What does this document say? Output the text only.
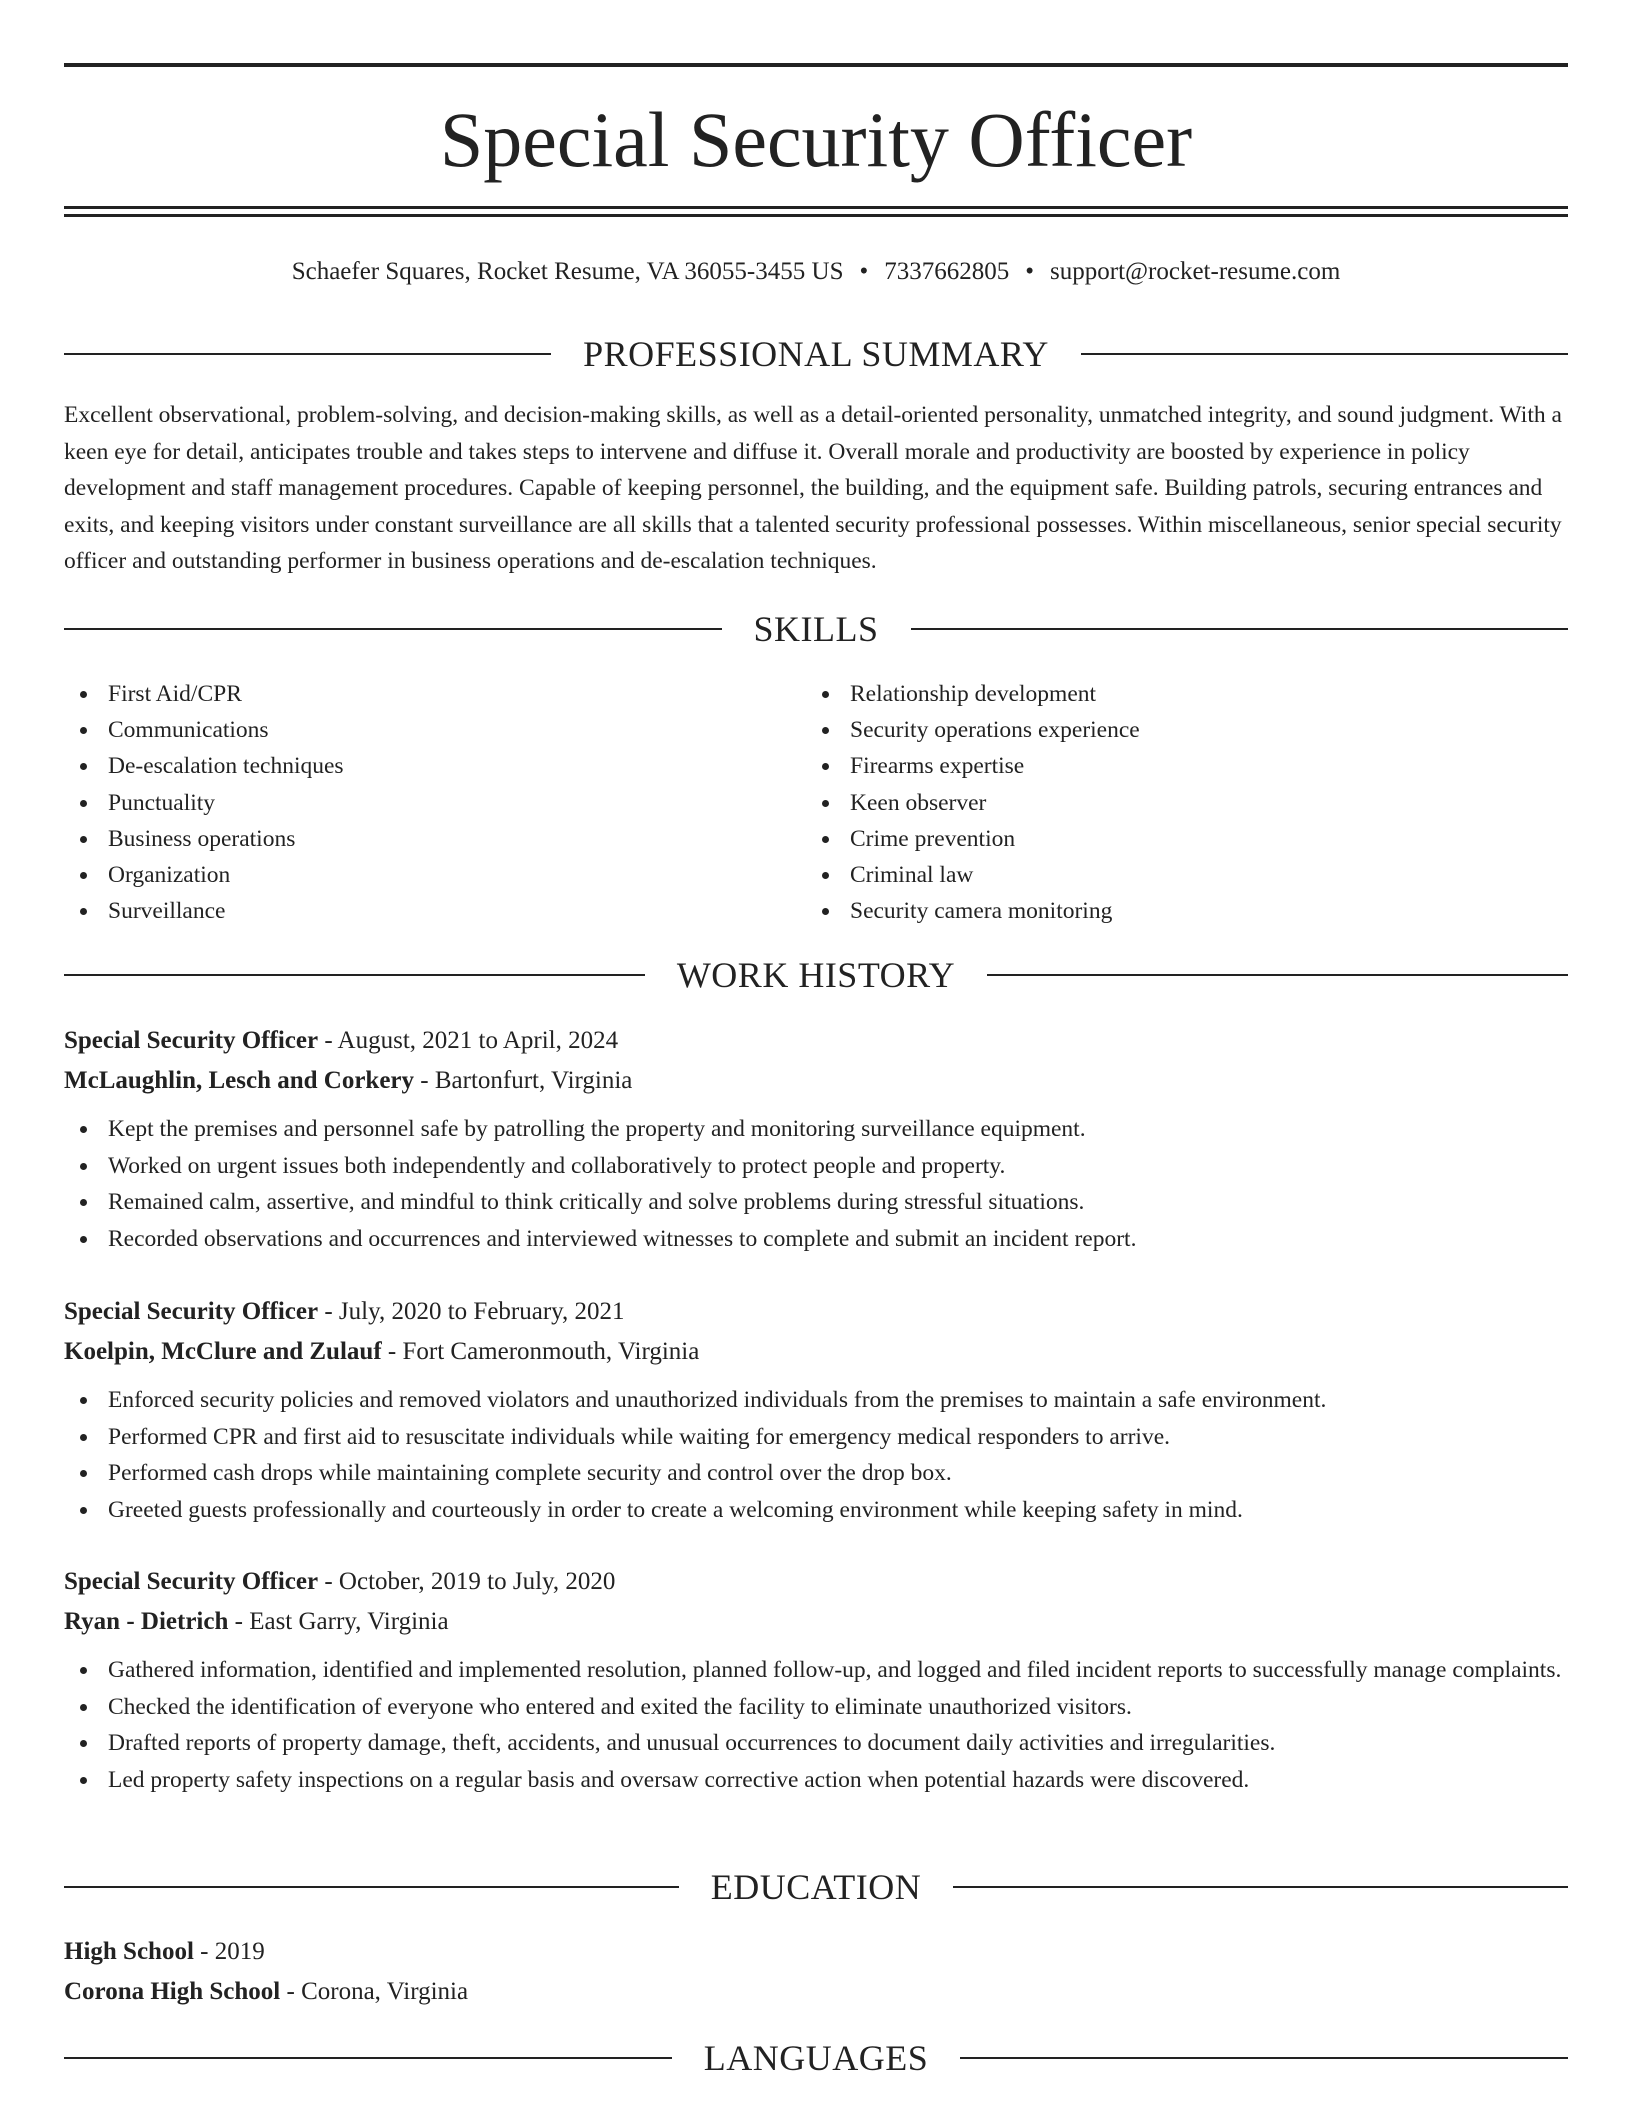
Special Security Officer
Schaefer Squares, Rocket Resume, VA 36055-3455 US • 7337662805 • support@rocket-resume.com
PROFESSIONAL SUMMARY

Excellent observational, problem-solving, and decision-making skills, as well as a detail-oriented personality, unmatched integrity, and sound judgment. With a keen eye for detail, anticipates trouble and takes steps to intervene and diffuse it. Overall morale and productivity are boosted by experience in policy development and staff management procedures. Capable of keeping personnel, the building, and the equipment safe. Building patrols, securing entrances and exits, and keeping visitors under constant surveillance are all skills that a talented security professional possesses. Within miscellaneous, senior special security officer and outstanding performer in business operations and de-escalation techniques.

SKILLS
First Aid/CPR
Communications
De-escalation techniques
Punctuality
Business operations
Organization
Surveillance
Relationship development
Security operations experience
Firearms expertise
Keen observer
Crime prevention
Criminal law
Security camera monitoring
WORK HISTORY
Special Security Officer - August, 2021 to April, 2024
McLaughlin, Lesch and Corkery - Bartonfurt, Virginia
Kept the premises and personnel safe by patrolling the property and monitoring surveillance equipment.
Worked on urgent issues both independently and collaboratively to protect people and property.
Remained calm, assertive, and mindful to think critically and solve problems during stressful situations.
Recorded observations and occurrences and interviewed witnesses to complete and submit an incident report.
Special Security Officer - July, 2020 to February, 2021
Koelpin, McClure and Zulauf - Fort Cameronmouth, Virginia
Enforced security policies and removed violators and unauthorized individuals from the premises to maintain a safe environment.
Performed CPR and first aid to resuscitate individuals while waiting for emergency medical responders to arrive.
Performed cash drops while maintaining complete security and control over the drop box.
Greeted guests professionally and courteously in order to create a welcoming environment while keeping safety in mind.
Special Security Officer - October, 2019 to July, 2020
Ryan - Dietrich - East Garry, Virginia
Gathered information, identified and implemented resolution, planned follow-up, and logged and filed incident reports to successfully manage complaints.
Checked the identification of everyone who entered and exited the facility to eliminate unauthorized visitors.
Drafted reports of property damage, theft, accidents, and unusual occurrences to document daily activities and irregularities.
Led property safety inspections on a regular basis and oversaw corrective action when potential hazards were discovered.
EDUCATION
High School - 2019
Corona High School - Corona, Virginia
LANGUAGES
